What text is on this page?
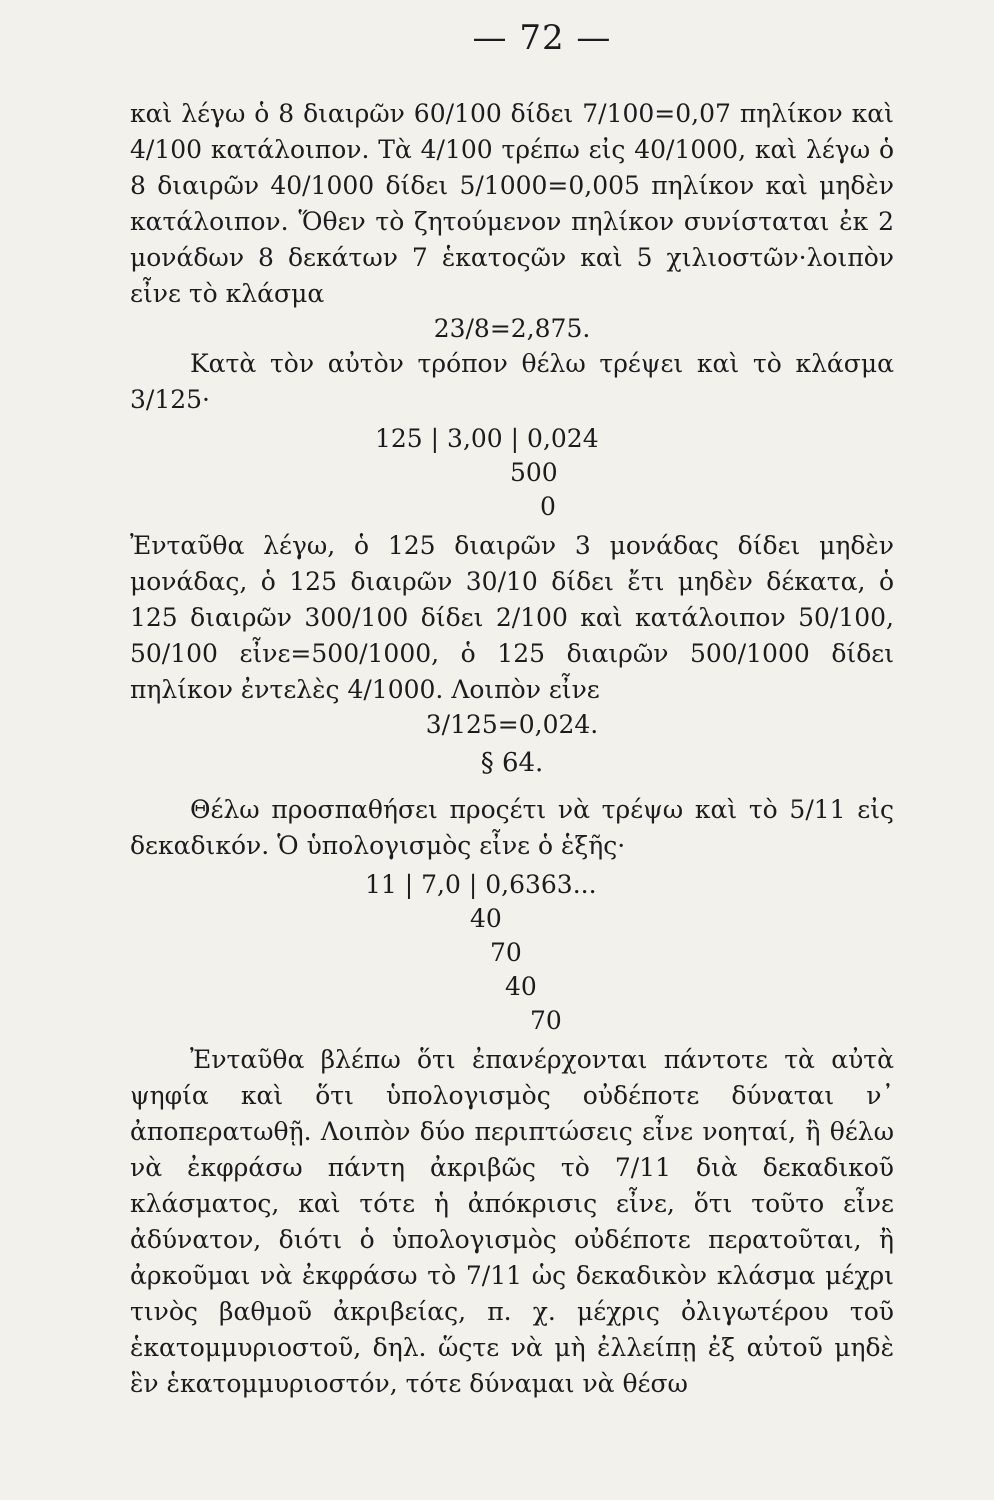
— 72 —

καὶ λέγω ὁ 8 διαιρῶν 60/100 δίδει 7/100=0,07 πηλίκον καὶ 4/100 κατάλοιπον. Τὰ 4/100 τρέπω εἰς 40/1000, καὶ λέγω ὁ 8 διαιρῶν 40/1000 δίδει 5/1000=0,005 πηλίκον καὶ μηδὲν κατάλοιπον. Ὅθεν τὸ ζητούμενον πηλίκον συνίσταται ἐκ 2 μονάδων 8 δεκάτων 7 ἑκατοςῶν καὶ 5 χιλιοστῶν·λοιπὸν εἶνε τὸ κλάσμα

23/8=2,875.

Κατὰ τὸν αὐτὸν τρόπον θέλω τρέψει καὶ τὸ κλάσμα 3/125·

125 | 3,00 | 0,024
500
0

Ἐνταῦθα λέγω, ὁ 125 διαιρῶν 3 μονάδας δίδει μηδὲν μονάδας, ὁ 125 διαιρῶν 30/10 δίδει ἔτι μηδὲν δέκατα, ὁ 125 διαιρῶν 300/100 δίδει 2/100 καὶ κατάλοιπον 50/100, 50/100 εἶνε=500/1000, ὁ 125 διαιρῶν 500/1000 δίδει πηλίκον ἐντελὲς 4/1000. Λοιπὸν εἶνε

3/125=0,024.

§ 64.

Θέλω προσπαθήσει προςέτι νὰ τρέψω καὶ τὸ 5/11 εἰς δεκαδικόν. Ὁ ὑπολογισμὸς εἶνε ὁ ἑξῆς·

11 | 7,0 | 0,6363...
40
70
40
70

Ἐνταῦθα βλέπω ὅτι ἐπανέρχονται πάντοτε τὰ αὐτὰ ψηφία καὶ ὅτι ὑπολογισμὸς οὐδέποτε δύναται ν᾿ ἀποπερατωθῇ. Λοιπὸν δύο περιπτώσεις εἶνε νοηταί, ἢ θέλω νὰ ἐκφράσω πάντη ἀκριβῶς τὸ 7/11 διὰ δεκαδικοῦ κλάσματος, καὶ τότε ἡ ἀπόκρισις εἶνε, ὅτι τοῦτο εἶνε ἀδύνατον, διότι ὁ ὑπολογισμὸς οὐδέποτε περατοῦται, ἢ ἀρκοῦμαι νὰ ἐκφράσω τὸ 7/11 ὡς δεκαδικὸν κλάσμα μέχρι τινὸς βαθμοῦ ἀκριβείας, π. χ. μέχρις ὀλιγωτέρου τοῦ ἑκατομμυριοστοῦ, δηλ. ὥςτε νὰ μὴ ἐλλείπῃ ἐξ αὐτοῦ μηδὲ ἓν ἑκατομμυριοστόν, τότε δύναμαι νὰ θέσω
